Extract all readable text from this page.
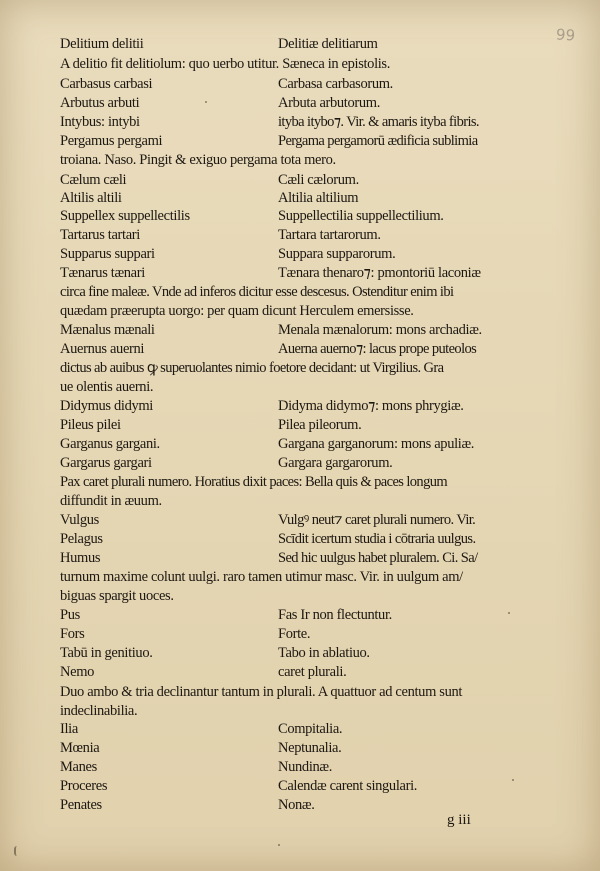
Delitium delitii	Delitiæ delitiarum
A delitio fit delitiolum: quo uerbo utitur. Sæneca in epistolis.
Carbasus carbasi	Carbasa carbasorum.
Arbutus arbuti	Arbuta arbutorum.
Intybus: intybi	ityba itybo⁊. Vir. & amaris ityba fibris.
Pergamus pergami	Pergama pergamorū ædificia sublimia
troiana. Naso. Pingit & exiguo pergama tota mero.
Cælum cæli	Cæli cælorum.
Altilis altili	Altilia altilium
Suppellex suppellectilis	Suppellectilia suppellectilium.
Tartarus tartari	Tartara tartarorum.
Supparus suppari	Suppara supparorum.
Tænarus tænari	Tænara thenaro⁊: pmontoriū laconiæ
circa fine maleæ. Vnde ad inferos dicitur esse descesus. Ostenditur enim ibi
quædam præerupta uorgo: per quam dicunt Herculem emersisse.
Mænalus mænali	Menala mænalorum: mons archadiæ.
Auernus auerni	Auerna auerno⁊: lacus prope puteolos
dictus ab auibus ꝙ superuolantes nimio foetore decidant: ut Virgilius. Gra
ue olentis auerni.
Didymus didymi	Didyma didymo⁊: mons phrygiæ.
Pileus pilei	Pilea pileorum.
Garganus gargani.	Gargana garganorum: mons apuliæ.
Gargarus gargari	Gargara gargarorum.
Pax caret plurali numero. Horatius dixit paces: Bella quis & paces longum
diffundit in æuum.
Vulgus	Vulgꝰ neut⁊ caret plurali numero. Vir.
Pelagus	Scīdit icertum studia i cōtraria uulgus.
Humus	Sed hic uulgus habet pluralem. Ci. Sa/
turnum maxime colunt uulgi. raro tamen utimur masc. Vir. in uulgum am/
biguas spargit uoces.
Pus	Fas Ir non flectuntur.
Fors	Forte.
Tabū in genitiuo.	Tabo in ablatiuo.
Nemo	caret plurali.
Duo ambo & tria declinantur tantum in plurali. A quattuor ad centum sunt
indeclinabilia.
Ilia	Compitalia.
Mœnia	Neptunalia.
Manes	Nundinæ.
Proceres	Calendæ carent singulari.
Penates	Nonæ.
g iii
99
